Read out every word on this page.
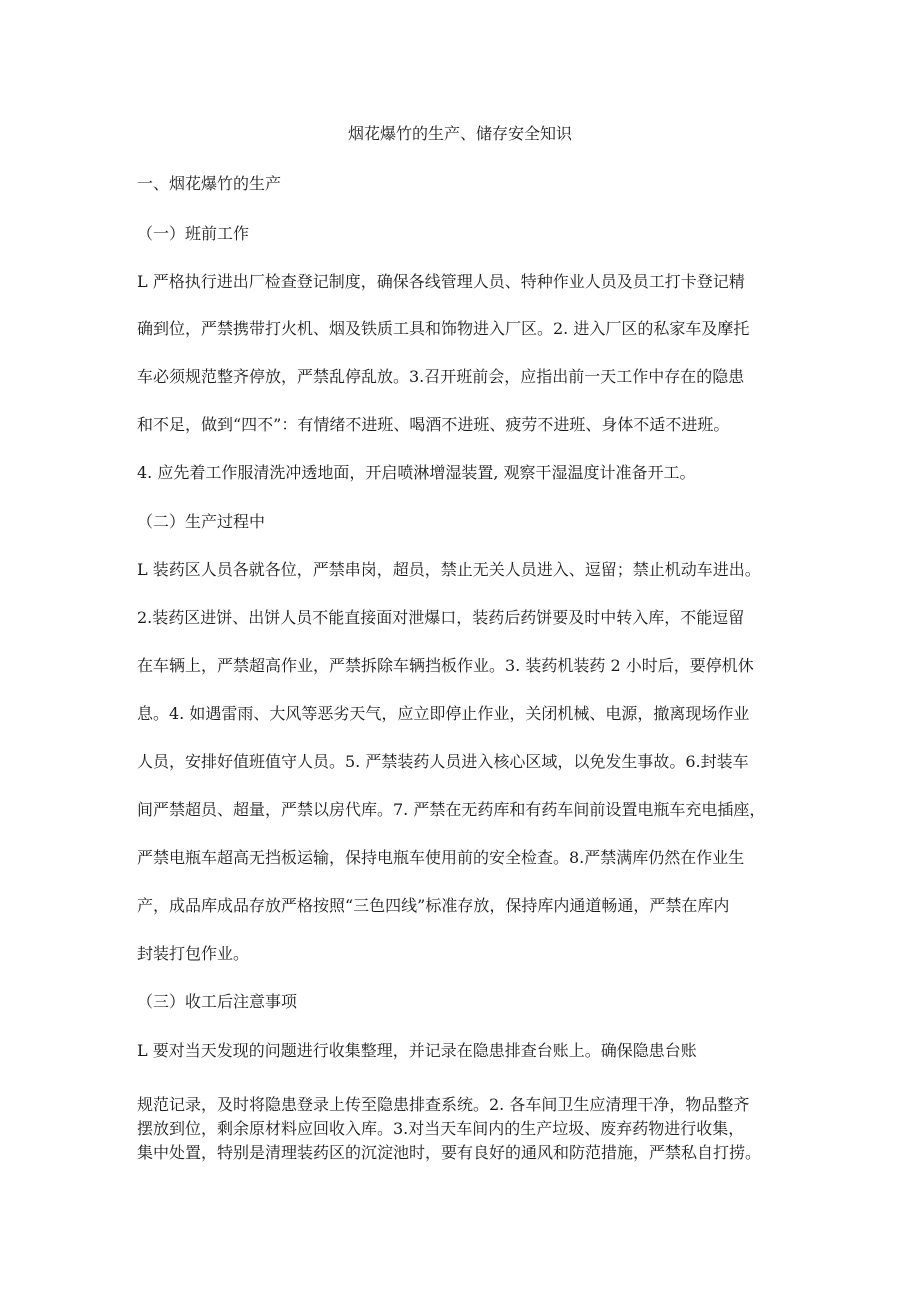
烟花爆竹的生产、储存安全知识
一、烟花爆竹的生产
（一）班前工作
L 严格执行进出厂检查登记制度，确保各线管理人员、特种作业人员及员工打卡登记精
确到位，严禁携带打火机、烟及铁质工具和饰物进入厂区。2. 进入厂区的私家车及摩托
车必须规范整齐停放，严禁乱停乱放。3.召开班前会，应指出前一天工作中存在的隐患
和不足，做到“四不”：有情绪不进班、喝酒不进班、疲劳不进班、身体不适不进班。
4. 应先着工作服清洗冲透地面，开启喷淋增湿装置, 观察干湿温度计准备开工。
（二）生产过程中
L 装药区人员各就各位，严禁串岗，超员，禁止无关人员进入、逗留；禁止机动车进出。
2.装药区进饼、出饼人员不能直接面对泄爆口，装药后药饼要及时中转入库，不能逗留
在车辆上，严禁超高作业，严禁拆除车辆挡板作业。3. 装药机装药 2 小时后，要停机休
息。4. 如遇雷雨、大风等恶劣天气，应立即停止作业，关闭机械、电源，撤离现场作业
人员，安排好值班值守人员。5. 严禁装药人员进入核心区域，以免发生事故。6.封装车
间严禁超员、超量，严禁以房代库。7. 严禁在无药库和有药车间前设置电瓶车充电插座，
严禁电瓶车超高无挡板运输，保持电瓶车使用前的安全检查。8.严禁满库仍然在作业生
产，成品库成品存放严格按照“三色四线”标准存放，保持库内通道畅通，严禁在库内
封装打包作业。
（三）收工后注意事项
L 要对当天发现的问题进行收集整理，并记录在隐患排查台账上。确保隐患台账
规范记录，及时将隐患登录上传至隐患排查系统。2. 各车间卫生应清理干净，物品整齐
摆放到位，剩余原材料应回收入库。3.对当天车间内的生产垃圾、废弃药物进行收集，
集中处置，特别是清理装药区的沉淀池时，要有良好的通风和防范措施，严禁私自打捞。
